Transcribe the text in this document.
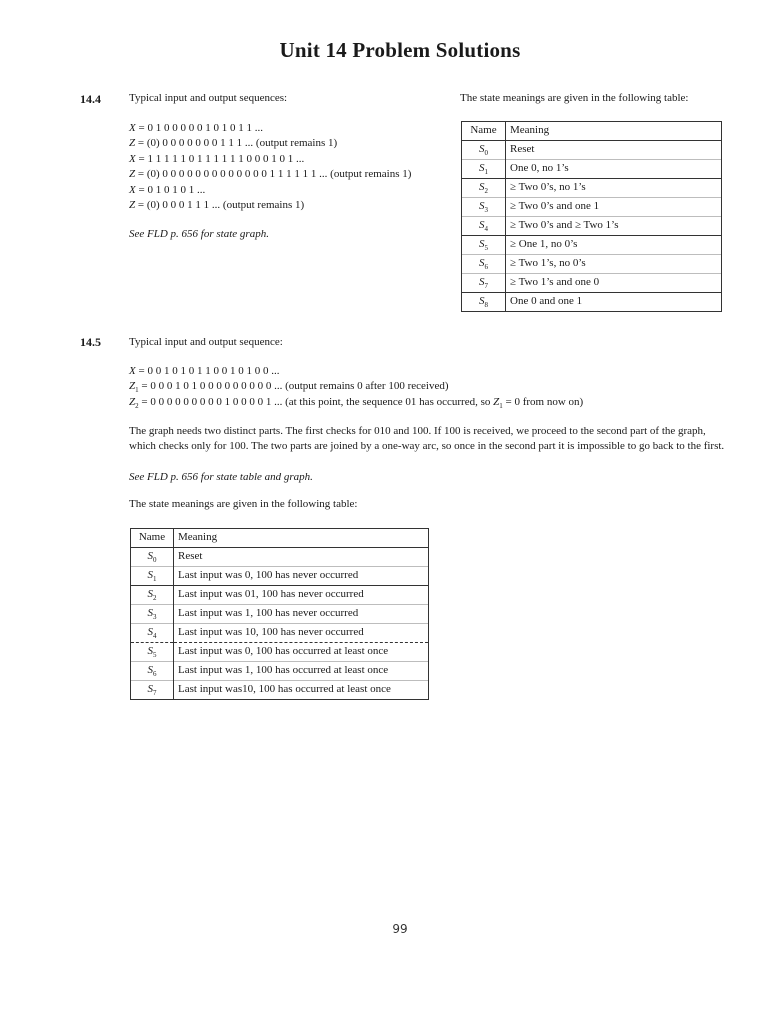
Unit 14 Problem Solutions
14.4	Typical input and output sequences:
X = 0 1 0 0 0 0 0 1 0 1 0 1 1 ...
Z = (0) 0 0 0 0 0 0 0 1 1 1 ... (output remains 1)
X = 1 1 1 1 1 0 1 1 1 1 1 1 0 0 0 1 0 1 ...
Z = (0) 0 0 0 0 0 0 0 0 0 0 0 0 0 1 1 1 1 1 1 ... (output remains 1)
X = 0 1 0 1 0 1 ...
Z = (0) 0 0 0 1 1 1 ... (output remains 1)
See FLD p. 656 for state graph.
The state meanings are given in the following table:
Name	Meaning
$S_0$	Reset
$S_1$	One 0, no 1’s
$S_2$	≥ Two 0’s, no 1’s
$S_3$	≥ Two 0’s and one 1
$S_4$	≥ Two 0’s and ≥ Two 1’s
$S_5$	≥ One 1, no 0’s
$S_6$	≥ Two 1’s, no 0’s
$S_7$	≥ Two 1’s and one 0
$S_8$	One 0 and one 1
14.5	Typical input and output sequence:
X = 0 0 1 0 1 0 1 1 0 0 1 0 1 0 0 ...
$Z_1 = 0$ 0 0 1 0 1 0 0 0 0 0 0 0 0 0 ... (output remains 0 after 100 received)
$Z_2 = 0$ 0 0 0 0 0 0 0 0 1 0 0 0 0 1 ... (at this point, the sequence 01 has occurred, so $Z_1 = 0$ from now on)
The graph needs two distinct parts. The first checks for 010 and 100. If 100 is received, we proceed to the second part of the graph, which checks only for 100. The two parts are joined by a one-way arc, so once in the second part it is impossible to go back to the first.
See FLD p. 656 for state table and graph.
The state meanings are given in the following table:
Name	Meaning
$S_0$	Reset
$S_1$	Last input was 0, 100 has never occurred
$S_2$	Last input was 01, 100 has never occurred
$S_3$	Last input was 1, 100 has never occurred
$S_4$	Last input was 10, 100 has never occurred
$S_5$	Last input was 0, 100 has occurred at least once
$S_6$	Last input was 1, 100 has occurred at least once
$S_7$	Last input was10, 100 has occurred at least once
99
